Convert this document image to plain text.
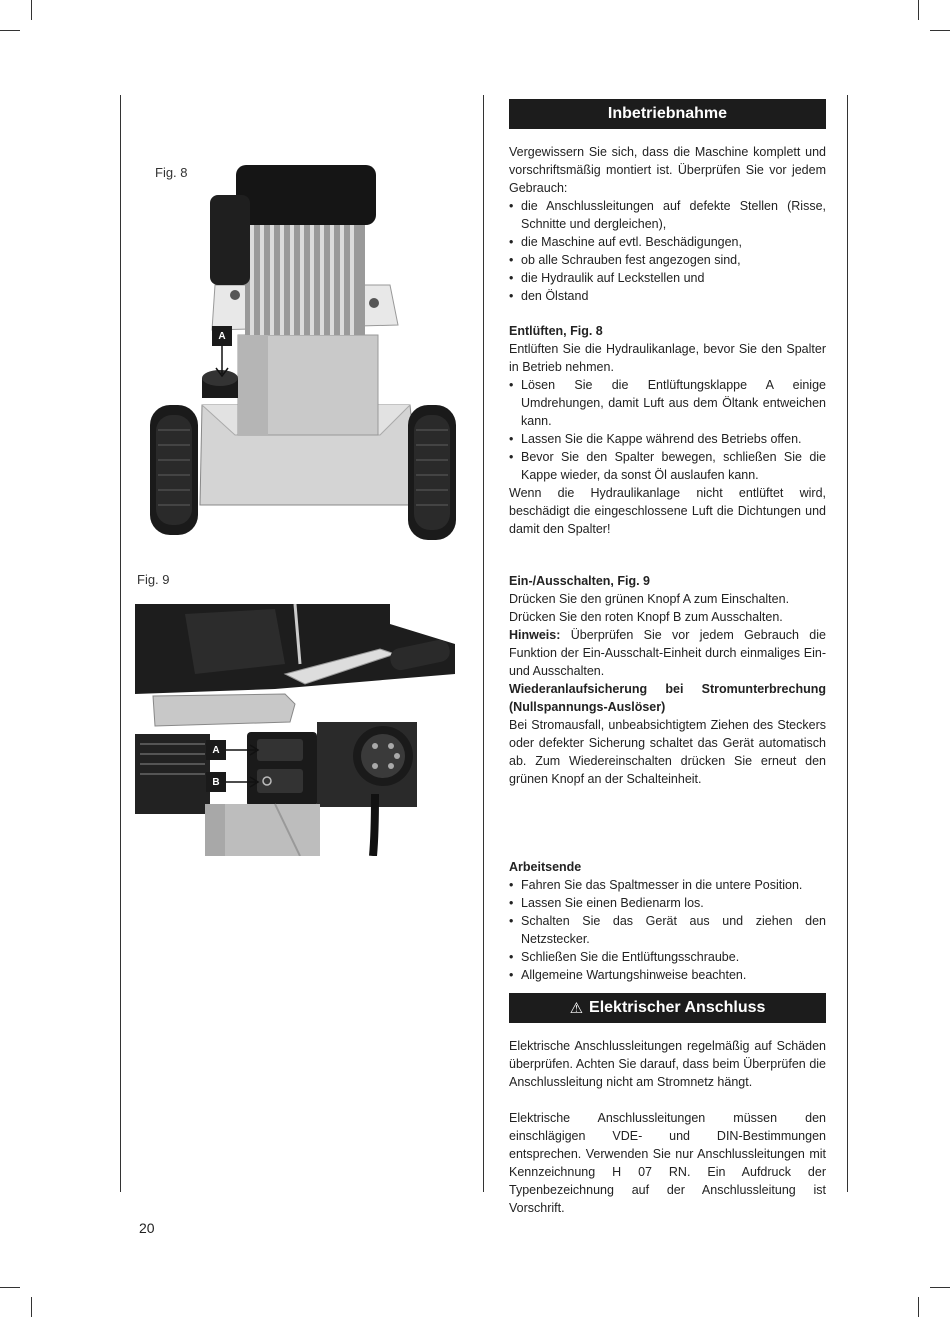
Fig. 8
A
Fig. 9
A
B
Inbetriebnahme

Vergewissern Sie sich, dass die Maschine komplett und vorschriftsmäßig montiert ist. Überprüfen Sie vor jedem Gebrauch:

• die Anschlussleitungen auf defekte Stellen (Risse, Schnitte und dergleichen),
• die Maschine auf evtl. Beschädigungen,
• ob alle Schrauben fest angezogen sind,
• die Hydraulik auf Leckstellen und
• den Ölstand

Entlüften, Fig. 8

Entlüften Sie die Hydraulikanlage, bevor Sie den Spalter in Betrieb nehmen.

• Lösen Sie die Entlüftungsklappe A einige Umdrehungen, damit Luft aus dem Öltank entweichen kann.
• Lassen Sie die Kappe während des Betriebs offen.
• Bevor Sie den Spalter bewegen, schließen Sie die Kappe wieder, da sonst Öl auslaufen kann.

Wenn die Hydraulikanlage nicht entlüftet wird, beschädigt die eingeschlossene Luft die Dichtungen und damit den Spalter!

Ein-/Ausschalten, Fig. 9

Drücken Sie den grünen Knopf A zum Einschalten.

Drücken Sie den roten Knopf B zum Ausschalten.

Hinweis: Überprüfen Sie vor jedem Gebrauch die Funktion der Ein-Ausschalt-Einheit durch einmaliges Ein- und Ausschalten.

Wiederanlaufsicherung bei Stromunterbrechung (Nullspannungs-Auslöser)

Bei Stromausfall, unbeabsichtigtem Ziehen des Steckers oder defekter Sicherung schaltet das Gerät automatisch ab. Zum Wiedereinschalten drücken Sie erneut den grünen Knopf an der Schalteinheit.

Arbeitsende

• Fahren Sie das Spaltmesser in die untere Position.
• Lassen Sie einen Bedienarm los.
• Schalten Sie das Gerät aus und ziehen den Netzstecker.
• Schließen Sie die Entlüftungsschraube.
• Allgemeine Wartungshinweise beachten.
⚠ Elektrischer Anschluss

Elektrische Anschlussleitungen regelmäßig auf Schäden überprüfen. Achten Sie darauf, dass beim Überprüfen die Anschlussleitung nicht am Stromnetz hängt.

Elektrische Anschlussleitungen müssen den einschlägigen VDE- und DIN-Bestimmungen entsprechen. Verwenden Sie nur Anschlussleitungen mit Kennzeichnung H 07 RN. Ein Aufdruck der Typenbezeichnung auf der Anschlussleitung ist Vorschrift.

20
